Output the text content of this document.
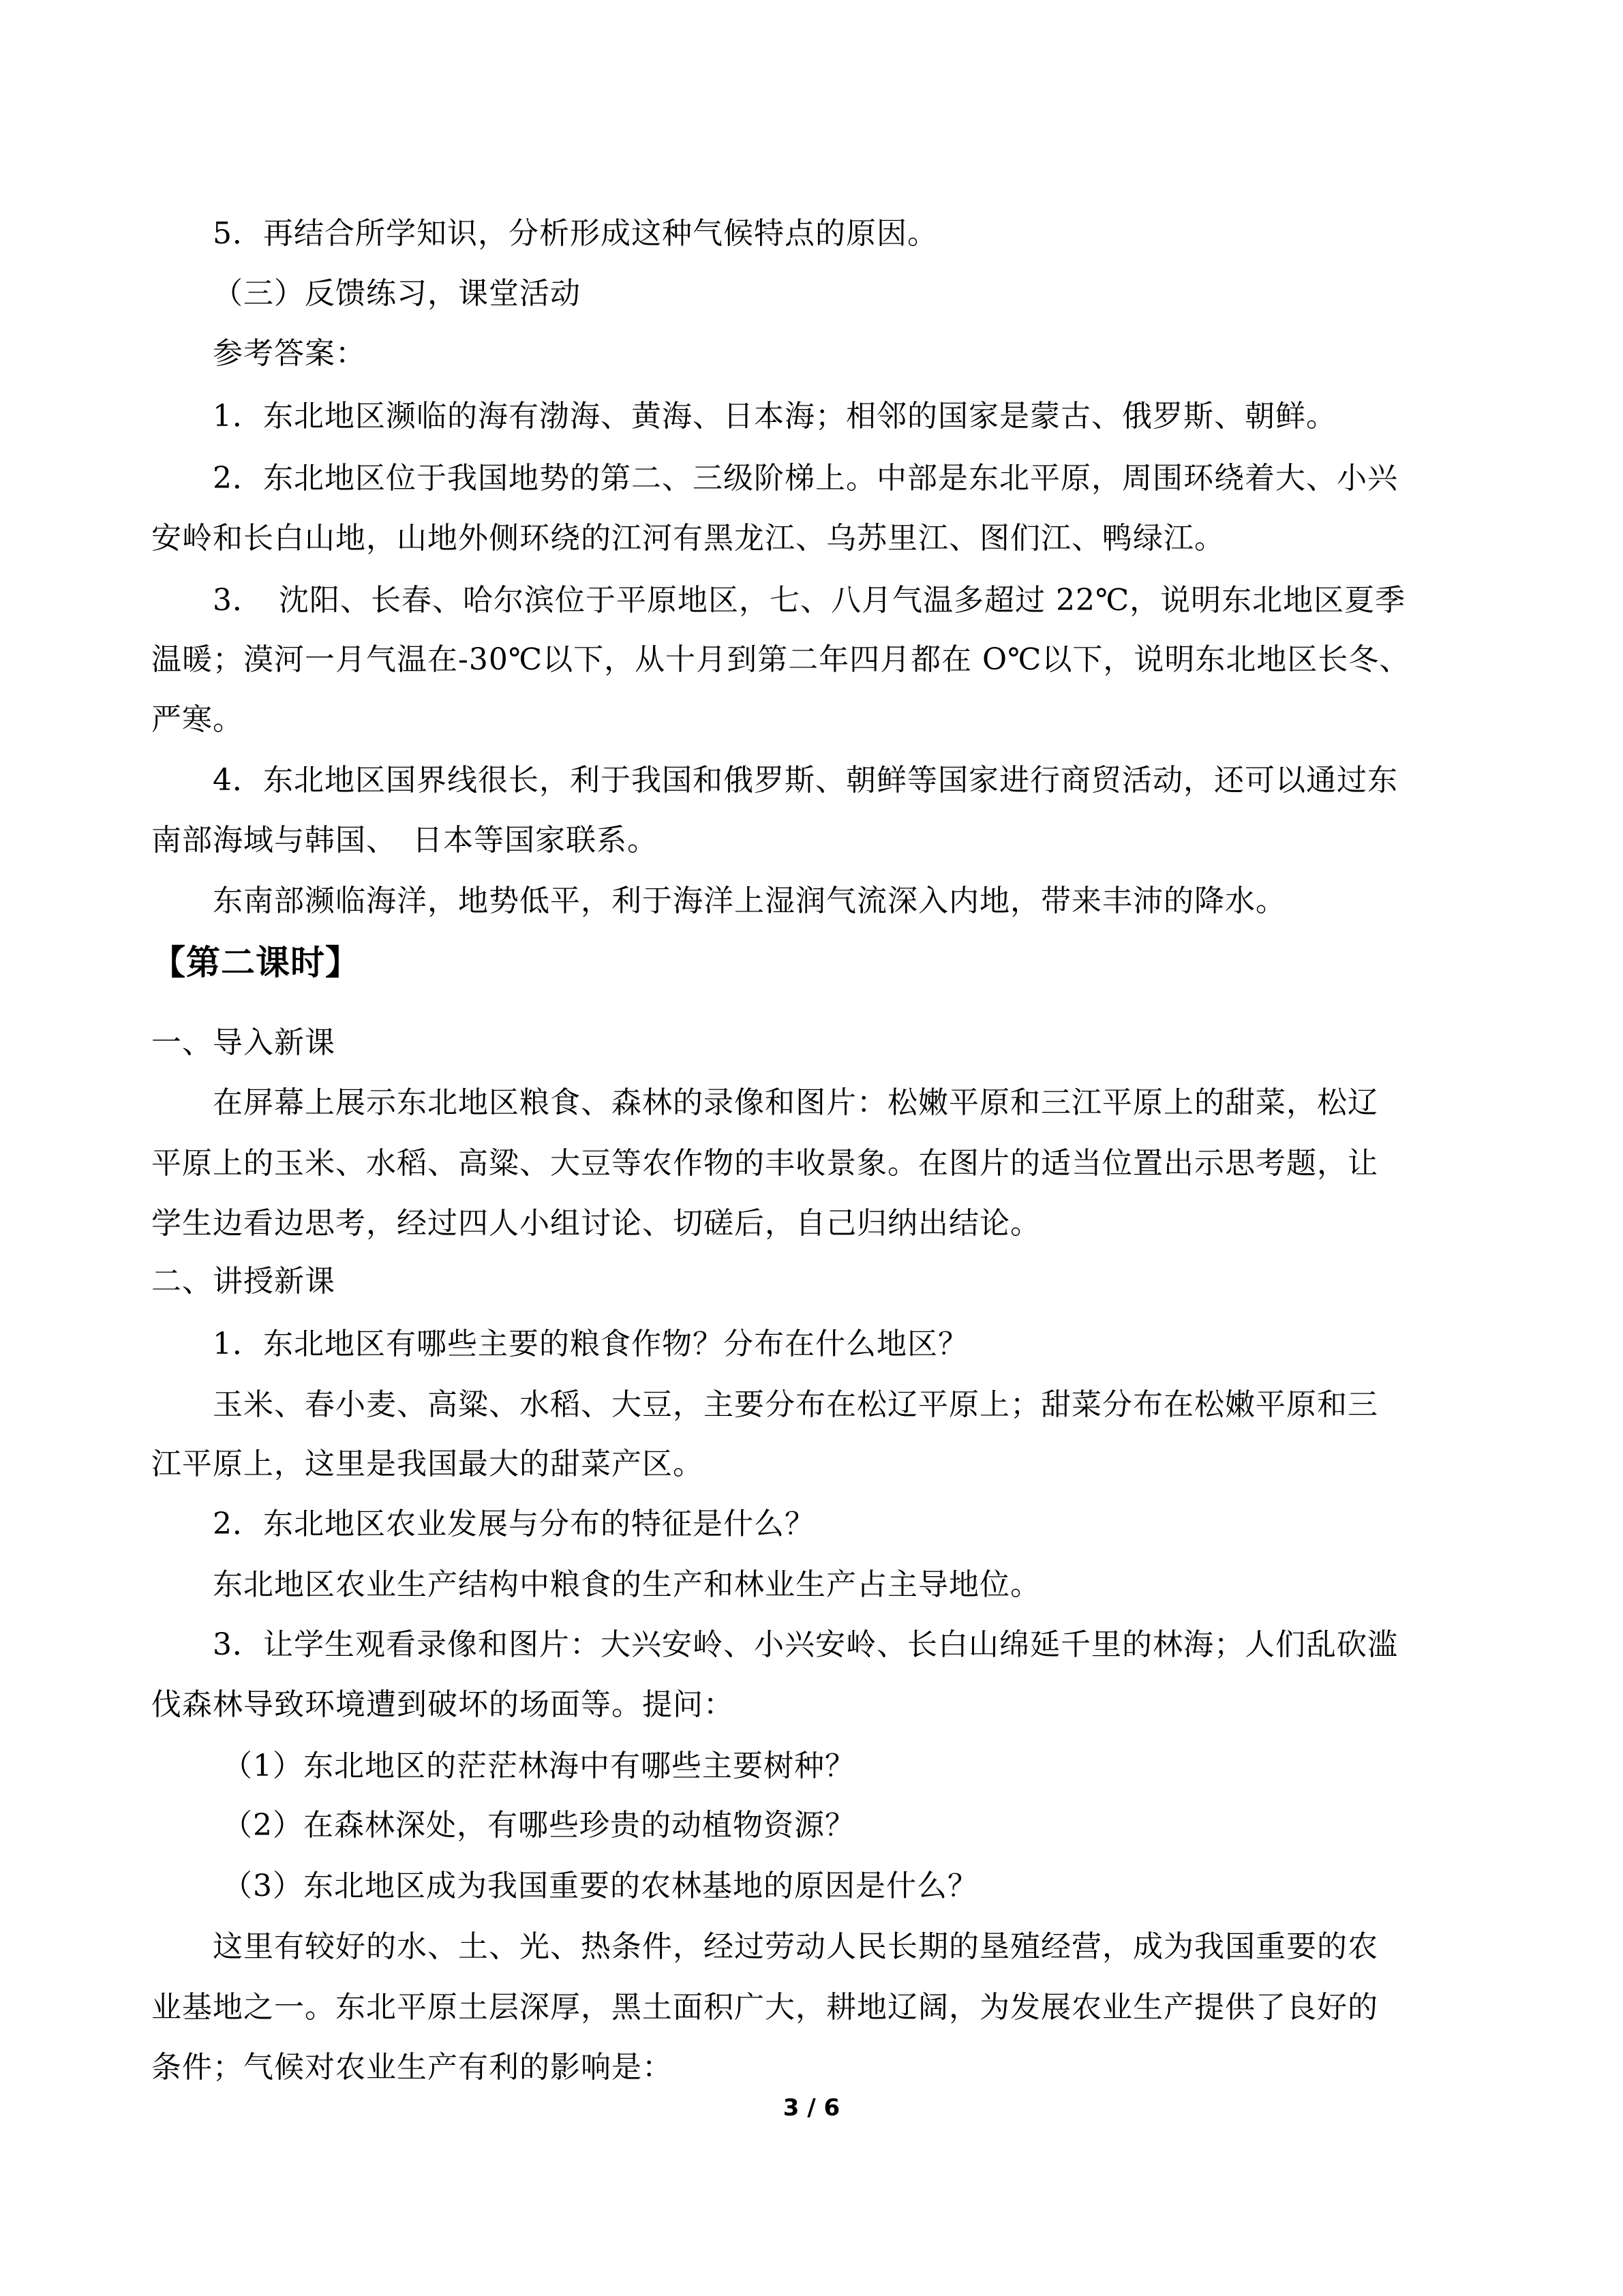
5．再结合所学知识，分析形成这种气候特点的原因。

（三）反馈练习，课堂活动

参考答案：

1．东北地区濒临的海有渤海、黄海、日本海；相邻的国家是蒙古、俄罗斯、朝鲜。

2．东北地区位于我国地势的第二、三级阶梯上。中部是东北平原，周围环绕着大、小兴

安岭和长白山地，山地外侧环绕的江河有黑龙江、乌苏里江、图们江、鸭绿江。

3．　沈阳、长春、哈尔滨位于平原地区，七、八月气温多超过 22℃，说明东北地区夏季

温暖；漠河一月气温在-30℃以下，从十月到第二年四月都在 O℃以下，说明东北地区长冬、

严寒。

4．东北地区国界线很长，利于我国和俄罗斯、朝鲜等国家进行商贸活动，还可以通过东

南部海域与韩国、　日本等国家联系。

东南部濒临海洋，地势低平，利于海洋上湿润气流深入内地，带来丰沛的降水。

【第二课时】

一、导入新课

在屏幕上展示东北地区粮食、森林的录像和图片：松嫩平原和三江平原上的甜菜，松辽

平原上的玉米、水稻、高粱、大豆等农作物的丰收景象。在图片的适当位置出示思考题，让

学生边看边思考，经过四人小组讨论、切磋后，自己归纳出结论。

二、讲授新课

1．东北地区有哪些主要的粮食作物？分布在什么地区？

玉米、春小麦、高粱、水稻、大豆，主要分布在松辽平原上；甜菜分布在松嫩平原和三

江平原上，这里是我国最大的甜菜产区。

2．东北地区农业发展与分布的特征是什么？

东北地区农业生产结构中粮食的生产和林业生产占主导地位。

3．让学生观看录像和图片：大兴安岭、小兴安岭、长白山绵延千里的林海；人们乱砍滥

伐森林导致环境遭到破坏的场面等。提问：

（1）东北地区的茫茫林海中有哪些主要树种？

（2）在森林深处，有哪些珍贵的动植物资源？

（3）东北地区成为我国重要的农林基地的原因是什么？

这里有较好的水、土、光、热条件，经过劳动人民长期的垦殖经营，成为我国重要的农

业基地之一。东北平原土层深厚，黑土面积广大，耕地辽阔，为发展农业生产提供了良好的

条件；气候对农业生产有利的影响是：

3 / 6
